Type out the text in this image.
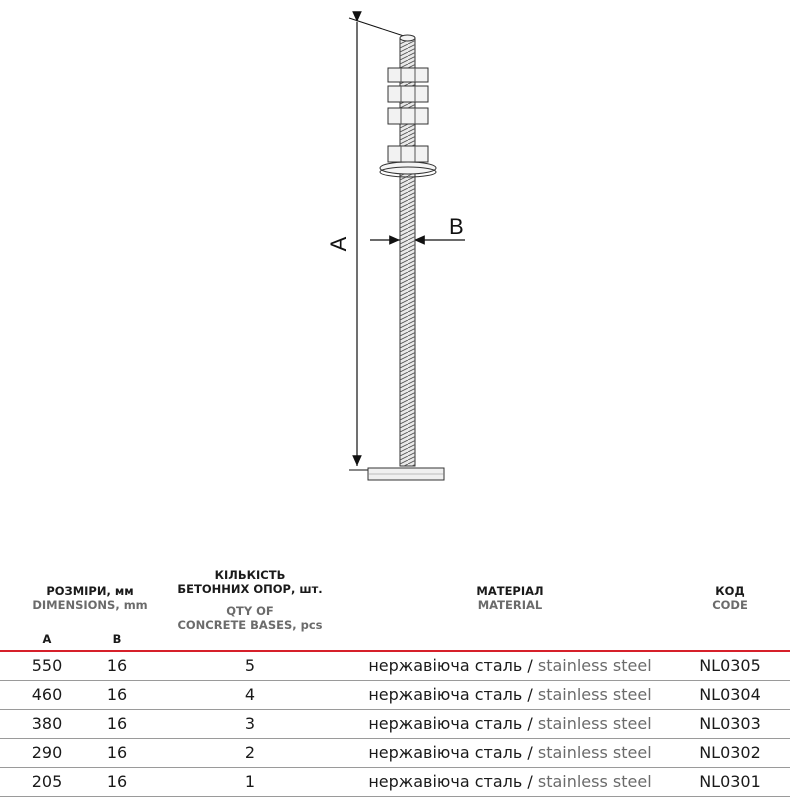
A
B
РОЗМІРИ, мм
DIMENSIONS, mm
A	B
КІЛЬКІСТЬ
БЕТОННИХ ОПОР, шт.
QTY OF
CONCRETE BASES, pcs
МАТЕРІАЛ
MATERIAL
КОД
CODE
550	16	5	нержавіюча сталь / stainless steel	NL0305
460	16	4	нержавіюча сталь / stainless steel	NL0304
380	16	3	нержавіюча сталь / stainless steel	NL0303
290	16	2	нержавіюча сталь / stainless steel	NL0302
205	16	1	нержавіюча сталь / stainless steel	NL0301
